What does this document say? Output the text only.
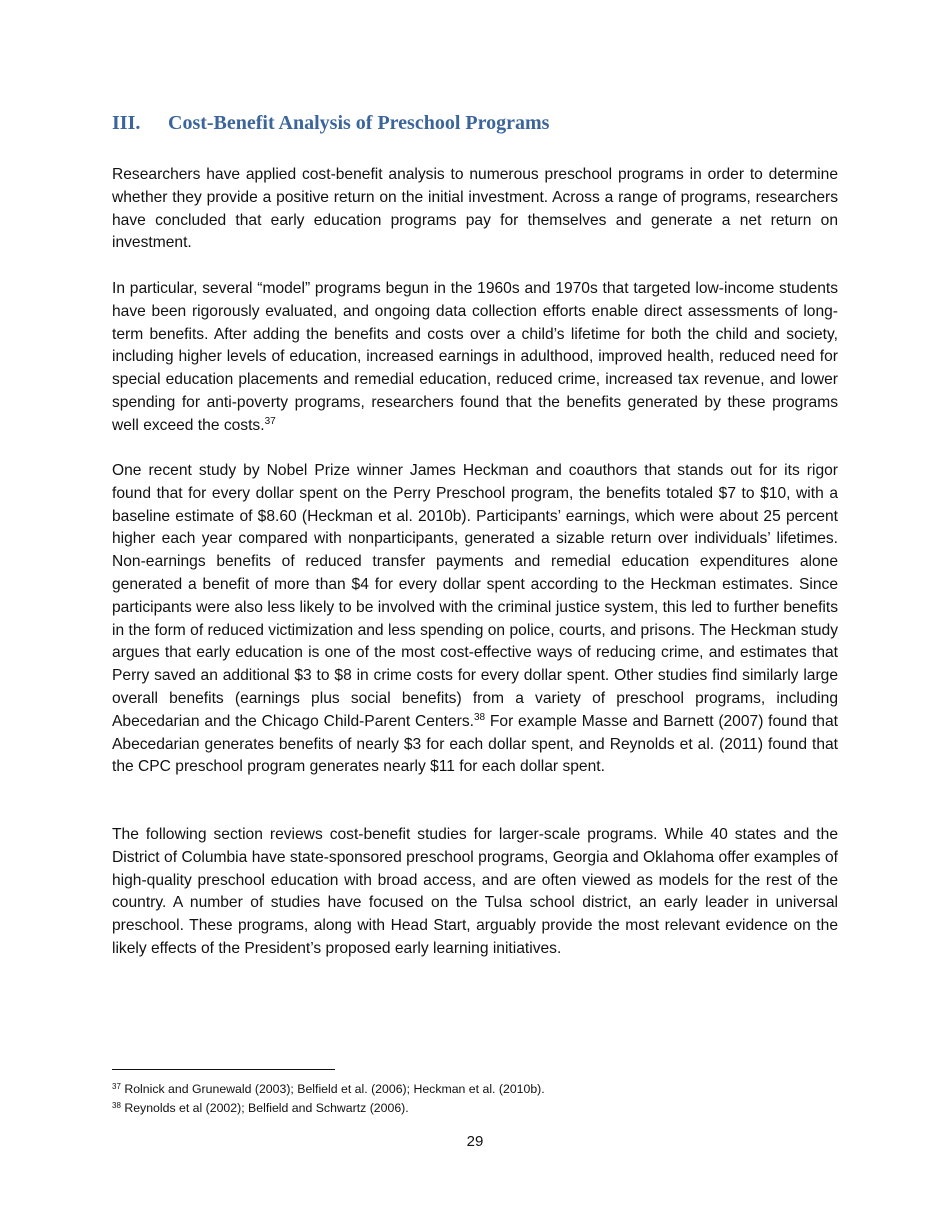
III. Cost-Benefit Analysis of Preschool Programs

Researchers have applied cost-benefit analysis to numerous preschool programs in order to determine whether they provide a positive return on the initial investment. Across a range of programs, researchers have concluded that early education programs pay for themselves and generate a net return on investment.

In particular, several “model” programs begun in the 1960s and 1970s that targeted low-income students have been rigorously evaluated, and ongoing data collection efforts enable direct assessments of long-term benefits. After adding the benefits and costs over a child’s lifetime for both the child and society, including higher levels of education, increased earnings in adulthood, improved health, reduced need for special education placements and remedial education, reduced crime, increased tax revenue, and lower spending for anti-poverty programs, researchers found that the benefits generated by these programs well exceed the costs.$^{37}$

One recent study by Nobel Prize winner James Heckman and coauthors that stands out for its rigor found that for every dollar spent on the Perry Preschool program, the benefits totaled $7 to $10, with a baseline estimate of $8.60 (Heckman et al. 2010b). Participants’ earnings, which were about 25 percent higher each year compared with nonparticipants, generated a sizable return over individuals’ lifetimes. Non-earnings benefits of reduced transfer payments and remedial education expenditures alone generated a benefit of more than $4 for every dollar spent according to the Heckman estimates. Since participants were also less likely to be involved with the criminal justice system, this led to further benefits in the form of reduced victimization and less spending on police, courts, and prisons. The Heckman study argues that early education is one of the most cost-effective ways of reducing crime, and estimates that Perry saved an additional $3 to $8 in crime costs for every dollar spent. Other studies find similarly large overall benefits (earnings plus social benefits) from a variety of preschool programs, including Abecedarian and the Chicago Child-Parent Centers.$^{38}$ For example Masse and Barnett (2007) found that Abecedarian generates benefits of nearly $3 for each dollar spent, and Reynolds et al. (2011) found that the CPC preschool program generates nearly $11 for each dollar spent.

The following section reviews cost-benefit studies for larger-scale programs. While 40 states and the District of Columbia have state-sponsored preschool programs, Georgia and Oklahoma offer examples of high-quality preschool education with broad access, and are often viewed as models for the rest of the country. A number of studies have focused on the Tulsa school district, an early leader in universal preschool. These programs, along with Head Start, arguably provide the most relevant evidence on the likely effects of the President’s proposed early learning initiatives.

$^{37}$ Rolnick and Grunewald (2003); Belfield et al. (2006); Heckman et al. (2010b).

$^{38}$ Reynolds et al (2002); Belfield and Schwartz (2006).

29
